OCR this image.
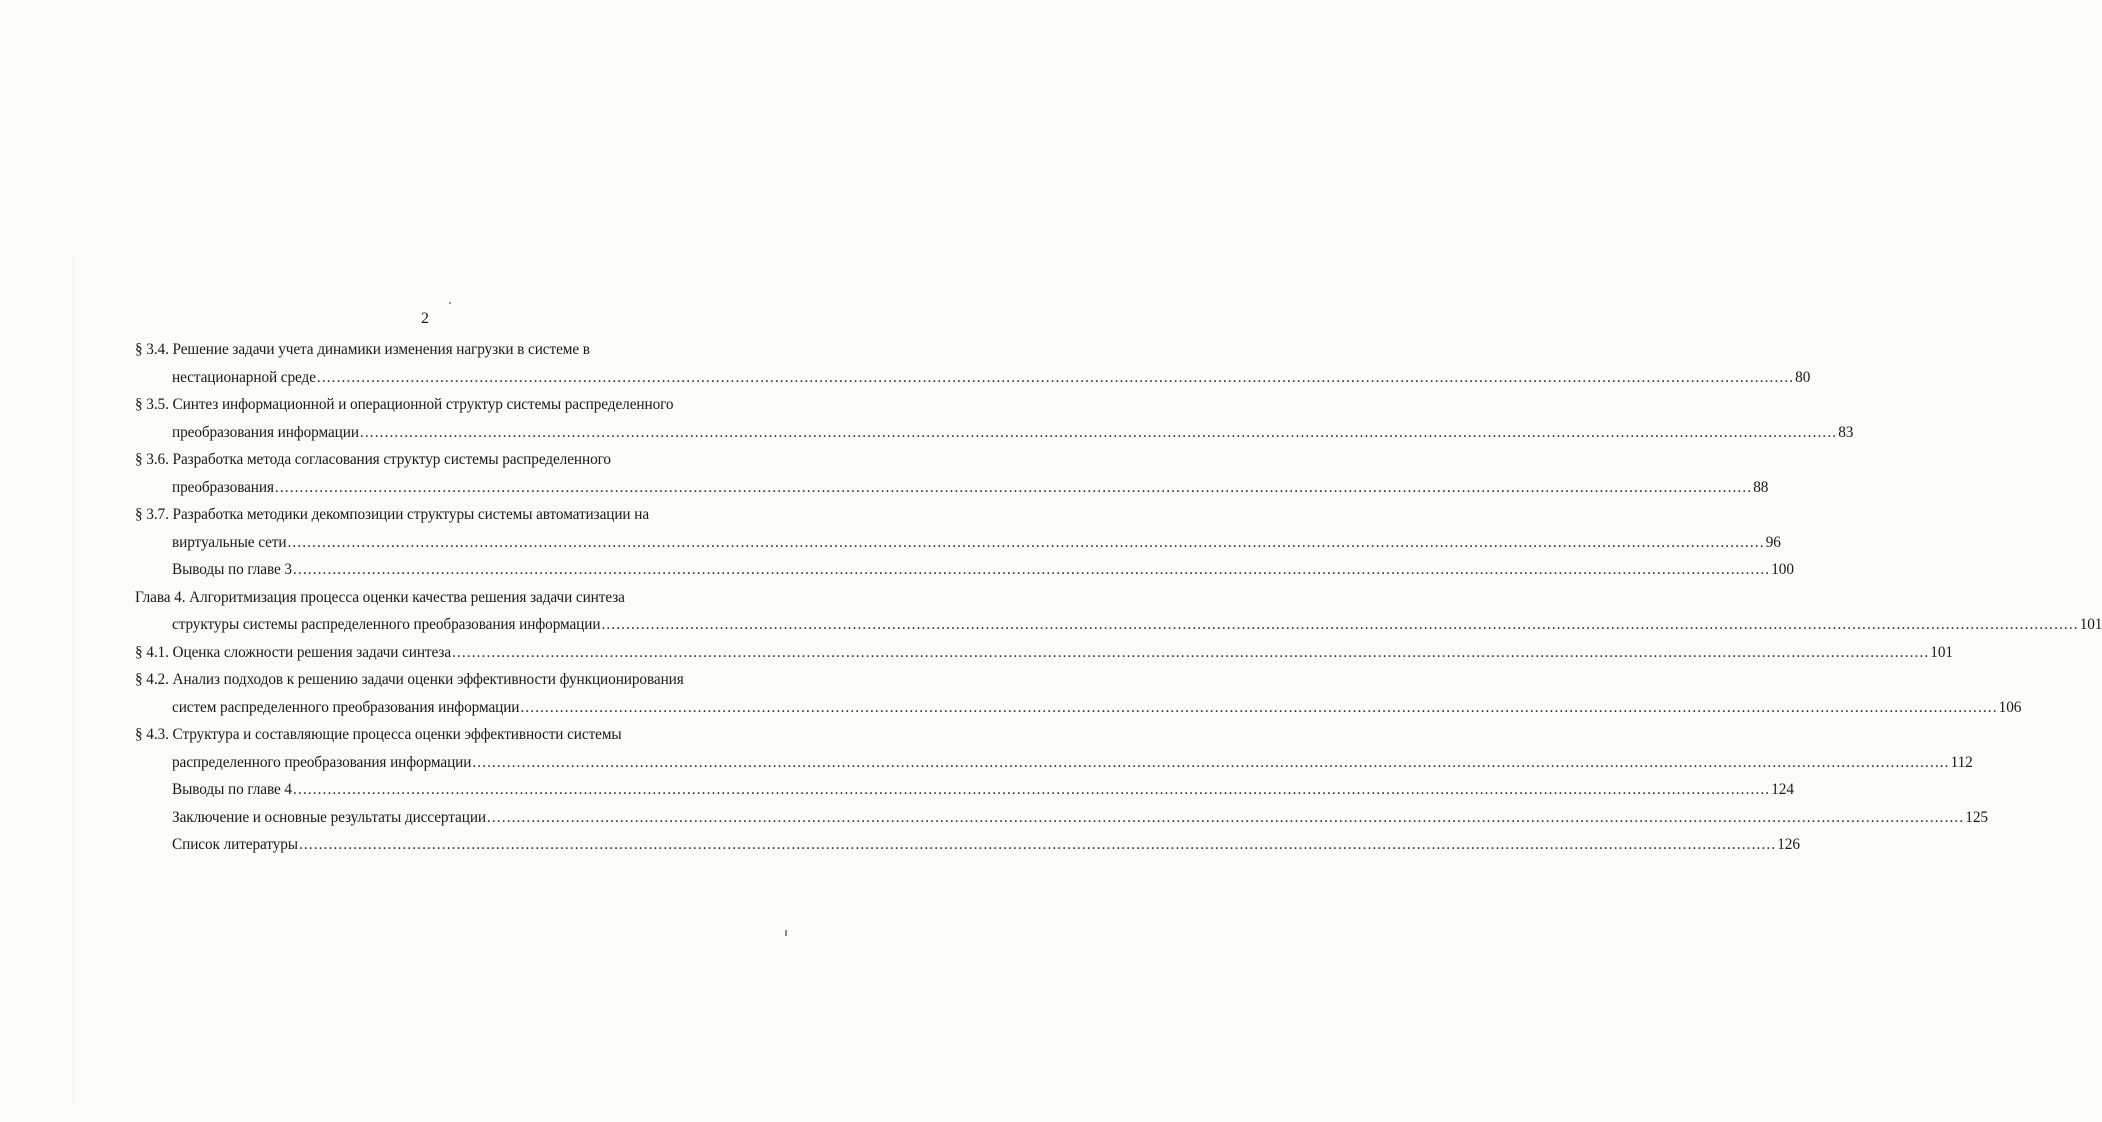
2
§ 3.4. Решение задачи учета динамики изменения нагрузки в системе в
нестационарной среде ............................................................................................................................................................................................................................................................................................................ 80
§ 3.5. Синтез информационной и операционной структур системы распределенного
преобразования информации ............................................................................................................................................................................................................................................................................................................ 83
§ 3.6. Разработка метода согласования структур системы распределенного
преобразования ............................................................................................................................................................................................................................................................................................................ 88
§ 3.7. Разработка методики декомпозиции структуры системы автоматизации на
виртуальные сети ............................................................................................................................................................................................................................................................................................................ 96
Выводы по главе 3 ............................................................................................................................................................................................................................................................................................................ 100
Глава 4. Алгоритмизация процесса оценки качества решения задачи синтеза
структуры системы распределенного преобразования информации ............................................................................................................................................................................................................................................................................................................ 101
§ 4.1. Оценка сложности решения задачи синтеза ............................................................................................................................................................................................................................................................................................................ 101
§ 4.2. Анализ подходов к решению задачи оценки эффективности функционирования
систем распределенного преобразования информации ............................................................................................................................................................................................................................................................................................................ 106
§ 4.3. Структура и составляющие процесса оценки эффективности системы
распределенного преобразования информации ............................................................................................................................................................................................................................................................................................................ 112
Выводы по главе 4 ............................................................................................................................................................................................................................................................................................................ 124
Заключение и основные результаты диссертации ............................................................................................................................................................................................................................................................................................................ 125
Список литературы ............................................................................................................................................................................................................................................................................................................ 126
